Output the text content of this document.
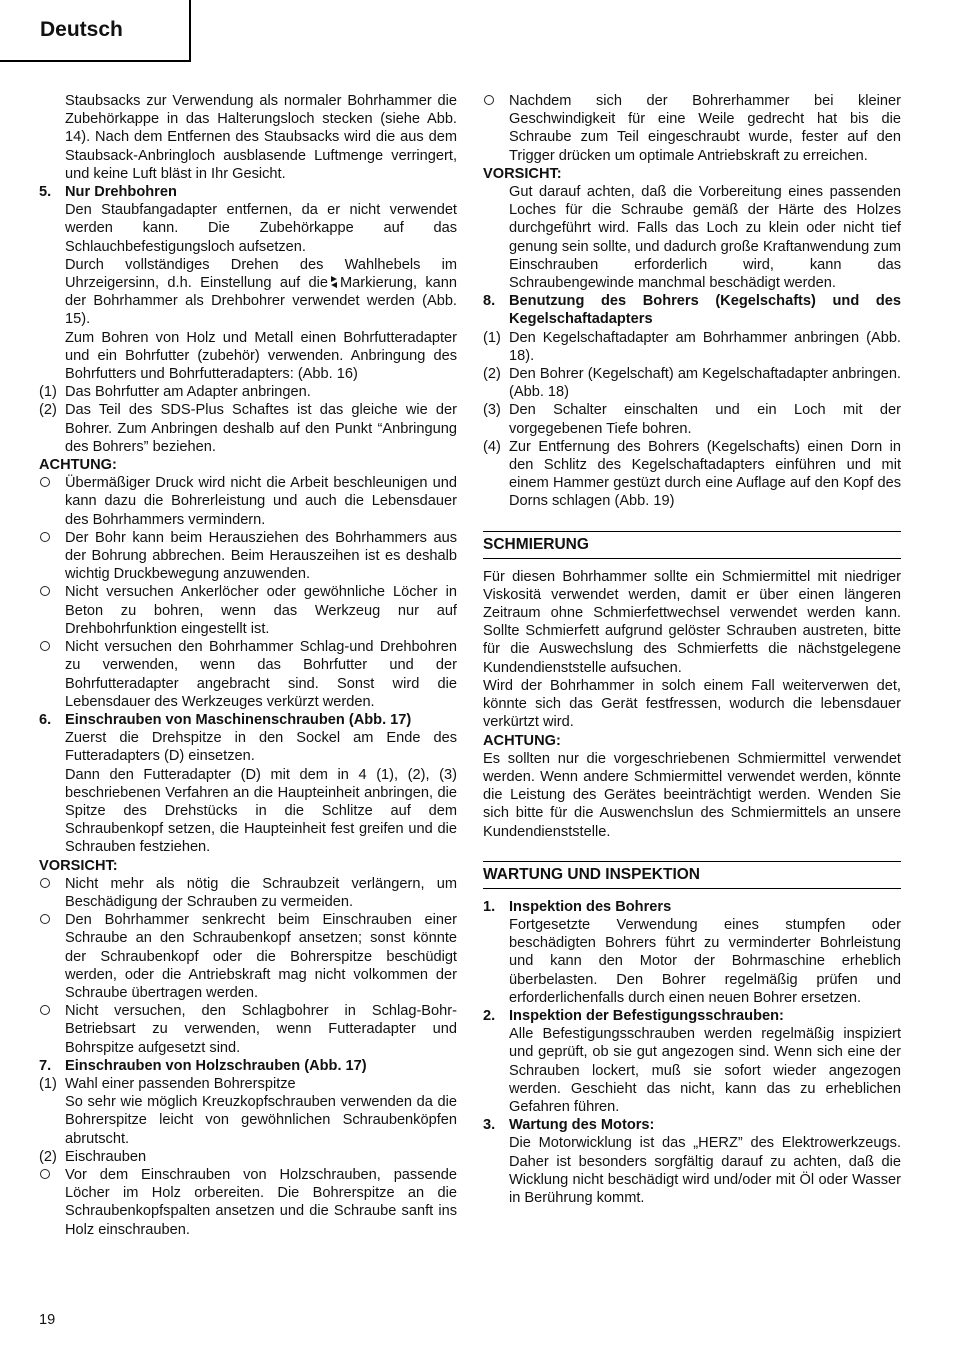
Deutsch

Staubsacks zur Verwendung als normaler Bohrhammer die Zubehörkappe in das Halterungsloch stecken (siehe Abb. 14). Nach dem Entfernen des Staubsacks wird die aus dem Staubsack-Anbringloch ausblasende Luftmenge verringert, und keine Luft bläst in Ihr Gesicht.

5. Nur Drehbohren

Den Staubfangadapter entfernen, da er nicht verwendet werden kann. Die Zubehörkappe auf das Schlauchbefestigungsloch aufsetzen.

Durch vollständiges Drehen des Wahlhebels im Uhrzeigersinn, d.h. Einstellung auf die Markierung, kann der Bohrhammer als Drehbohrer verwendet werden (Abb. 15).

Zum Bohren von Holz und Metall einen Bohrfutteradapter und ein Bohrfutter (zubehör) verwenden. Anbringung des Bohrfutters und Bohrfutteradapters: (Abb. 16)

(1) Das Bohrfutter am Adapter anbringen.
(2) Das Teil des SDS-Plus Schaftes ist das gleiche wie der Bohrer. Zum Anbringen deshalb auf den Punkt “Anbringung des Bohrers” beziehen.

ACHTUNG:

Übermäßiger Druck wird nicht die Arbeit beschleunigen und kann dazu die Bohrerleistung und auch die Lebensdauer des Bohrhammers vermindern.
Der Bohr kann beim Herausziehen des Bohrhammers aus der Bohrung abbrechen. Beim Herauszeihen ist es deshalb wichtig Druckbewegung anzuwenden.
Nicht versuchen Ankerlöcher oder gewöhnliche Löcher in Beton zu bohren, wenn das Werkzeug nur auf Drehbohrfunktion eingestellt ist.
Nicht versuchen den Bohrhammer Schlag-und Drehbohren zu verwenden, wenn das Bohrfutter und der Bohrfutteradapter angebracht sind. Sonst wird die Lebensdauer des Werkzeuges verkürzt werden.
6. Einschrauben von Maschinenschrauben (Abb. 17)

Zuerst die Drehspitze in den Sockel am Ende des Futteradapters (D) einsetzen.

Dann den Futteradapter (D) mit dem in 4 (1), (2), (3) beschriebenen Verfahren an die Haupteinheit anbringen, die Spitze des Drehstücks in die Schlitze auf dem Schraubenkopf setzen, die Haupteinheit fest greifen und die Schrauben festziehen.

VORSICHT:

Nicht mehr als nötig die Schraubzeit verlängern, um Beschädigung der Schrauben zu vermeiden.
Den Bohrhammer senkrecht beim Einschrauben einer Schraube an den Schraubenkopf ansetzen; sonst könnte der Schraubenkopf oder die Bohrerspitze beschüdigt werden, oder die Antriebskraft mag nicht volkommen der Schraube übertragen werden.
Nicht versuchen, den Schlagbohrer in Schlag-Bohr-Betriebsart zu verwenden, wenn Futteradapter und Bohrspitze aufgesetzt sind.
7. Einschrauben von Holzschrauben (Abb. 17)
(1) Wahl einer passenden Bohrerspitze

So sehr wie möglich Kreuzkopfschrauben verwenden da die Bohrerspitze leicht von gewöhnlichen Schraubenköpfen abrutscht.

(2) Eischrauben
Vor dem Einschrauben von Holzschrauben, passende Löcher im Holz orbereiten. Die Bohrerspitze an die Schraubenkopfspalten ansetzen und die Schraube sanft ins Holz einschrauben.
Nachdem sich der Bohrerhammer bei kleiner Geschwindigkeit für eine Weile gedrecht hat bis die Schraube zum Teil eingeschraubt wurde, fester auf den Trigger drücken um optimale Antriebskraft zu erreichen.

VORSICHT:

Gut darauf achten, daß die Vorbereitung eines passenden Loches für die Schraube gemäß der Härte des Holzes durchgeführt wird. Falls das Loch zu klein oder nicht tief genung sein sollte, und dadurch große Kraftanwendung zum Einschrauben erforderlich wird, kann das Schraubengewinde manchmal beschädigt werden.

8. Benutzung des Bohrers (Kegelschafts) und des Kegelschaftadapters
(1) Den Kegelschaftadapter am Bohrhammer anbringen (Abb. 18).
(2) Den Bohrer (Kegelschaft) am Kegelschaftadapter anbringen. (Abb. 18)
(3) Den Schalter einschalten und ein Loch mit der vorgegebenen Tiefe bohren.
(4) Zur Entfernung des Bohrers (Kegelschafts) einen Dorn in den Schlitz des Kegelschaftadapters einführen und mit einem Hammer gestüzt durch eine Auflage auf den Kopf des Dorns schlagen (Abb. 19)
SCHMIERUNG

Für diesen Bohrhammer sollte ein Schmiermittel mit niedriger Viskositä verwendet werden, damit er über einen längeren Zeitraum ohne Schmierfettwechsel verwendet werden kann. Sollte Schmierfett aufgrund gelöster Schrauben austreten, bitte für die Auswechslung des Schmierfetts die nächstgelegene Kundendienststelle aufsuchen.

Wird der Bohrhammer in solch einem Fall weiterverwen det, könnte sich das Gerät festfressen, wodurch die lebensdauer verkürtzt wird.

ACHTUNG:

Es sollten nur die vorgeschriebenen Schmiermittel verwendet werden. Wenn andere Schmiermittel verwendet werden, könnte die Leistung des Gerätes beeinträchtigt werden. Wenden Sie sich bitte für die Auswenchslun des Schmiermittels an unsere Kundendienststelle.

WARTUNG UND INSPEKTION
1. Inspektion des Bohrers

Fortgesetzte Verwendung eines stumpfen oder beschädigten Bohrers führt zu verminderter Bohrleistung und kann den Motor der Bohrmaschine erheblich überbelasten. Den Bohrer regelmäßig prüfen und erforderlichenfalls durch einen neuen Bohrer ersetzen.

2. Inspektion der Befestigungsschrauben:

Alle Befestigungsschrauben werden regelmäßig inspiziert und geprüft, ob sie gut angezogen sind. Wenn sich eine der Schrauben lockert, muß sie sofort wieder angezogen werden. Geschieht das nicht, kann das zu erheblichen Gefahren führen.

3. Wartung des Motors:

Die Motorwicklung ist das „HERZ” des Elektrowerkzeugs. Daher ist besonders sorgfältig darauf zu achten, daß die Wicklung nicht beschädigt wird und/oder mit Öl oder Wasser in Berührung kommt.

19
